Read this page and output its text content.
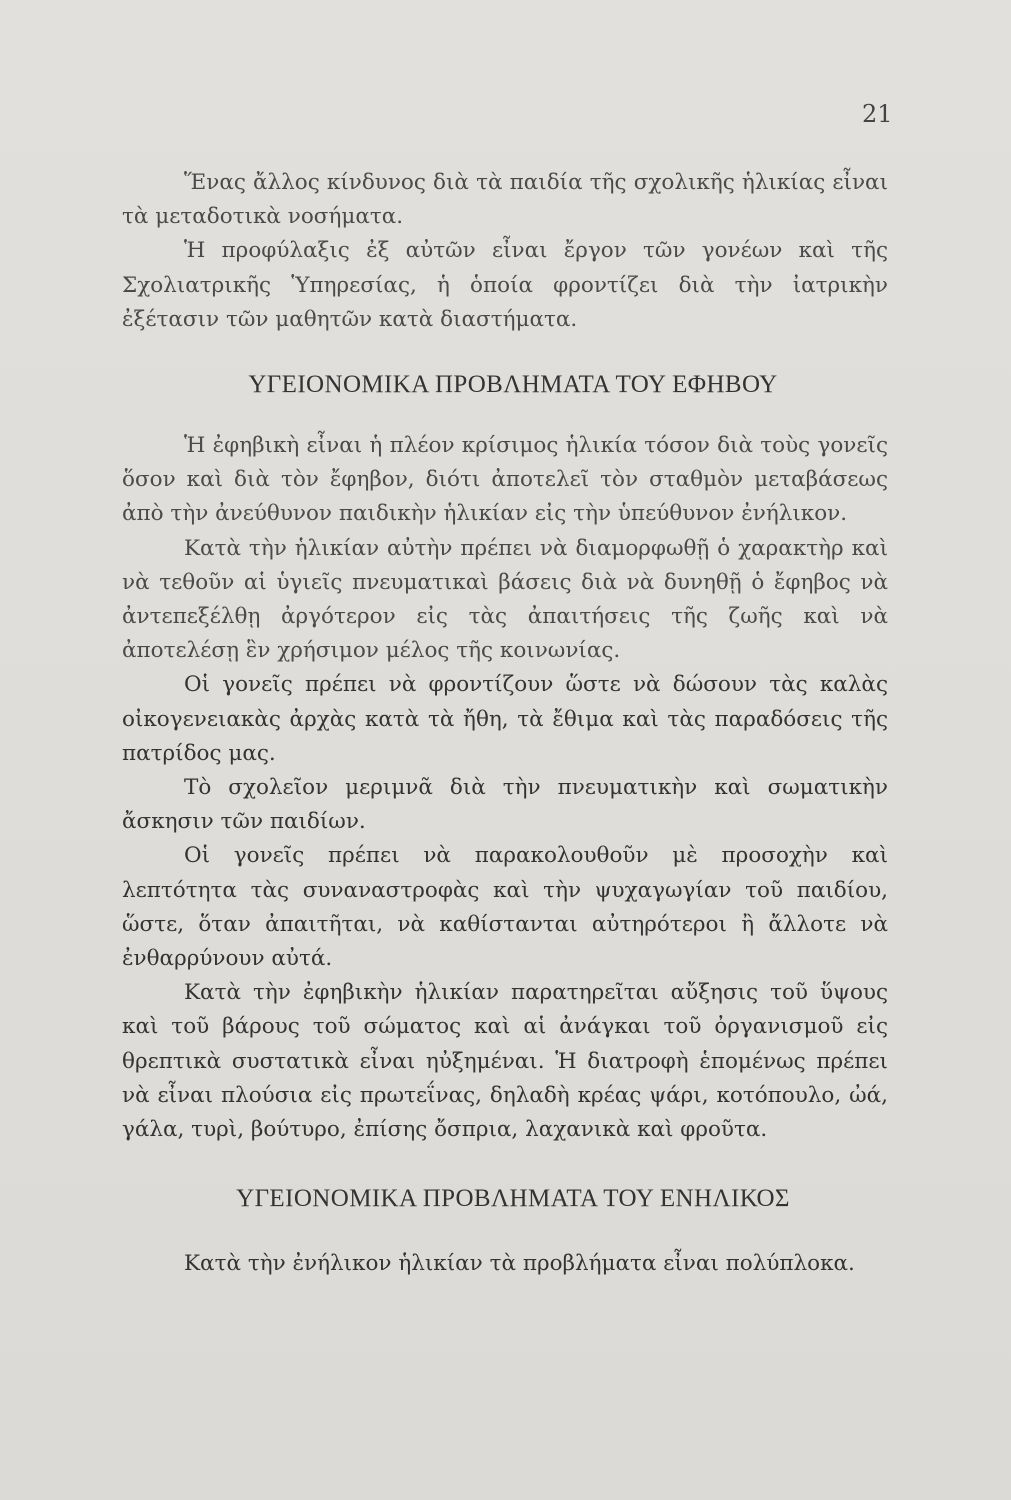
21

Ἕνας ἄλλος κίνδυνος διὰ τὰ παιδία τῆς σχολικῆς ἡλικίας εἶναι τὰ μεταδοτικὰ νοσήματα.

Ἡ προφύλαξις ἐξ αὐτῶν εἶναι ἔργον τῶν γονέων καὶ τῆς Σχολιατρικῆς Ὑπηρεσίας, ἡ ὁποία φροντίζει διὰ τὴν ἰατρικὴν ἐξέτασιν τῶν μαθητῶν κατὰ διαστήματα.

ΥΓΕΙΟΝΟΜΙΚΑ ΠΡΟΒΛΗΜΑΤΑ ΤΟΥ ΕΦΗΒΟΥ

Ἡ ἐφηβικὴ εἶναι ἡ πλέον κρίσιμος ἡλικία τόσον διὰ τοὺς γονεῖς ὅσον καὶ διὰ τὸν ἔφηβον, διότι ἀποτελεῖ τὸν σταθμὸν μεταβάσεως ἀπὸ τὴν ἀνεύθυνον παιδικὴν ἡλικίαν εἰς τὴν ὑπεύθυνον ἐνήλικον.

Κατὰ τὴν ἡλικίαν αὐτὴν πρέπει νὰ διαμορφωθῇ ὁ χαρακτὴρ καὶ νὰ τεθοῦν αἱ ὑγιεῖς πνευματικαὶ βάσεις διὰ νὰ δυνηθῇ ὁ ἔφηβος νὰ ἀντεπεξέλθῃ ἀργότερον εἰς τὰς ἀπαιτήσεις τῆς ζωῆς καὶ νὰ ἀποτελέσῃ ἓν χρήσιμον μέλος τῆς κοινωνίας.

Οἱ γονεῖς πρέπει νὰ φροντίζουν ὥστε νὰ δώσουν τὰς καλὰς οἰκογενειακὰς ἀρχὰς κατὰ τὰ ἤθη, τὰ ἔθιμα καὶ τὰς παραδόσεις τῆς πατρίδος μας.

Τὸ σχολεῖον μεριμνᾶ διὰ τὴν πνευματικὴν καὶ σωματικὴν ἄσκησιν τῶν παιδίων.

Οἱ γονεῖς πρέπει νὰ παρακολουθοῦν μὲ προσοχὴν καὶ λεπτότητα τὰς συναναστροφὰς καὶ τὴν ψυχαγωγίαν τοῦ παιδίου, ὥστε, ὅταν ἀπαιτῆται, νὰ καθίστανται αὐτηρότεροι ἢ ἄλλοτε νὰ ἐνθαρρύνουν αὐτά.

Κατὰ τὴν ἐφηβικὴν ἡλικίαν παρατηρεῖται αὔξησις τοῦ ὕψους καὶ τοῦ βάρους τοῦ σώματος καὶ αἱ ἀνάγκαι τοῦ ὀργανισμοῦ εἰς θρεπτικὰ συστατικὰ εἶναι ηὐξημέναι. Ἡ διατροφὴ ἑπομένως πρέπει νὰ εἶναι πλούσια εἰς πρωτεΐνας, δηλαδὴ κρέας ψάρι, κοτόπουλο, ὠά, γάλα, τυρὶ, βούτυρο, ἐπίσης ὄσπρια, λαχανικὰ καὶ φροῦτα.

ΥΓΕΙΟΝΟΜΙΚΑ ΠΡΟΒΛΗΜΑΤΑ ΤΟΥ ΕΝΗΛΙΚΟΣ

Κατὰ τὴν ἐνήλικον ἡλικίαν τὰ προβλήματα εἶναι πολύπλοκα.
